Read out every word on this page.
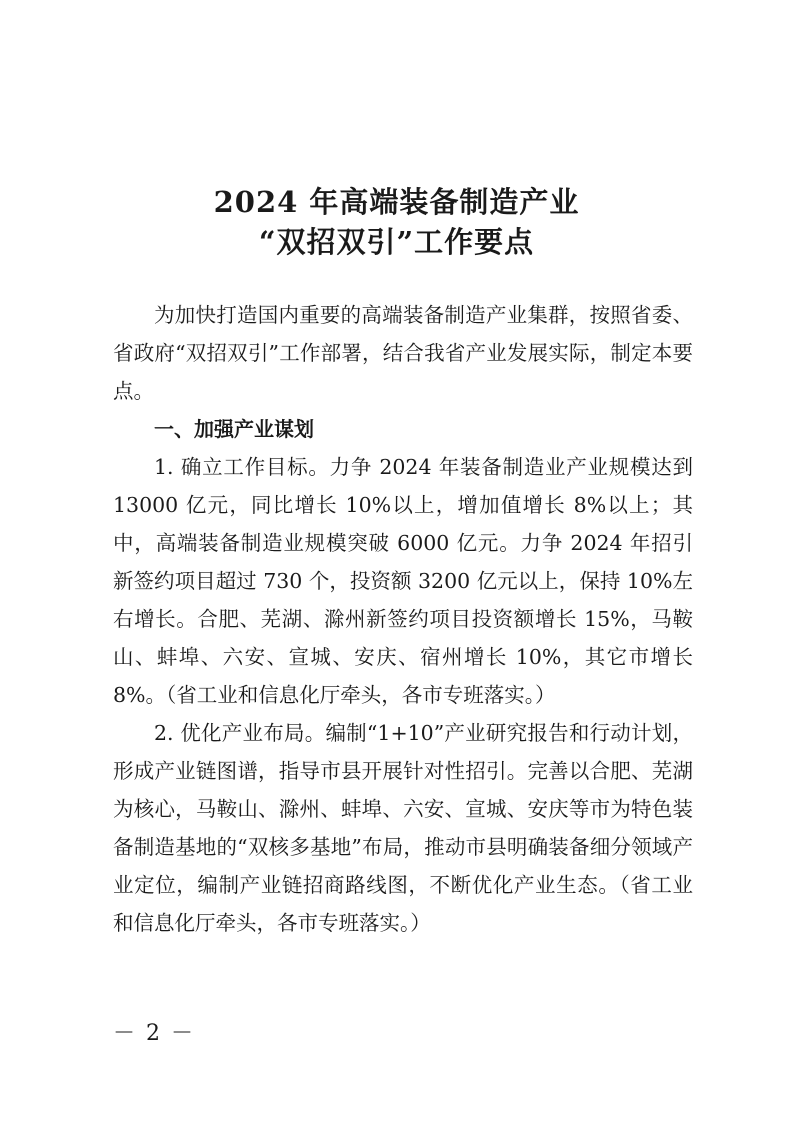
2024 年高端装备制造产业
“双招双引”工作要点

为加快打造国内重要的高端装备制造产业集群，按照省委、省政府“双招双引”工作部署，结合我省产业发展实际，制定本要点。

一、加强产业谋划

1. 确立工作目标。力争 2024 年装备制造业产业规模达到 13000 亿元，同比增长 10%以上，增加值增长 8%以上；其中，高端装备制造业规模突破 6000 亿元。力争 2024 年招引新签约项目超过 730 个，投资额 3200 亿元以上，保持 10%左右增长。合肥、芜湖、滁州新签约项目投资额增长 15%，马鞍山、蚌埠、六安、宣城、安庆、宿州增长 10%，其它市增长 8%。（省工业和信息化厅牵头，各市专班落实。）

2. 优化产业布局。编制“1+10”产业研究报告和行动计划，形成产业链图谱，指导市县开展针对性招引。完善以合肥、芜湖为核心，马鞍山、滁州、蚌埠、六安、宣城、安庆等市为特色装备制造基地的“双核多基地”布局，推动市县明确装备细分领域产业定位，编制产业链招商路线图，不断优化产业生态。（省工业和信息化厅牵头，各市专班落实。）

－ 2 －
